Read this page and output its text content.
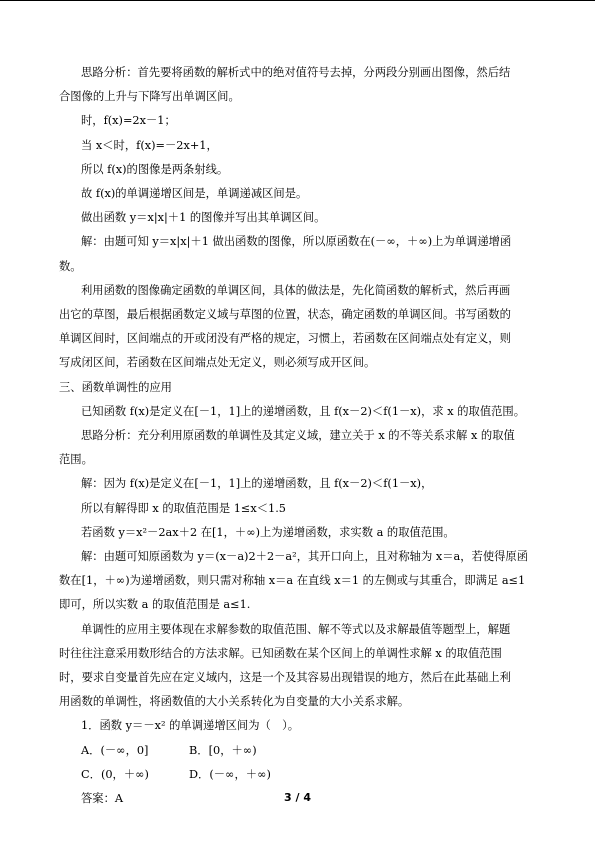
思路分析：首先要将函数的解析式中的绝对值符号去掉，分两段分别画出图像，然后结

合图像的上升与下降写出单调区间。

时，f(x)=2x－1；

当 x＜时，f(x)=－2x+1，

所以 f(x)的图像是两条射线。

故 f(x)的单调递增区间是，单调递减区间是。

做出函数 y＝x|x|＋1 的图像并写出其单调区间。

解：由题可知 y＝x|x|＋1 做出函数的图像，所以原函数在(－∞，＋∞)上为单调递增函

数。

利用函数的图像确定函数的单调区间，具体的做法是，先化简函数的解析式，然后再画

出它的草图，最后根据函数定义域与草图的位置，状态，确定函数的单调区间。书写函数的

单调区间时，区间端点的开或闭没有严格的规定，习惯上，若函数在区间端点处有定义，则

写成闭区间，若函数在区间端点处无定义，则必须写成开区间。

三、函数单调性的应用

已知函数 f(x)是定义在[－1，1]上的递增函数，且 f(x－2)＜f(1－x)，求 x 的取值范围。

思路分析：充分利用原函数的单调性及其定义域，建立关于 x 的不等关系求解 x 的取值

范围。

解：因为 f(x)是定义在[－1，1]上的递增函数，且 f(x－2)＜f(1－x)，

所以有解得即 x 的取值范围是 1≤x＜1.5

若函数 y＝x²－2ax＋2 在[1，＋∞)上为递增函数，求实数 a 的取值范围。

解：由题可知原函数为 y＝(x－a)2＋2－a²，其开口向上，且对称轴为 x＝a，若使得原函

数在[1，＋∞)为递增函数，则只需对称轴 x＝a 在直线 x＝1 的左侧或与其重合，即满足 a≤1

即可，所以实数 a 的取值范围是 a≤1.

单调性的应用主要体现在求解参数的取值范围、解不等式以及求解最值等题型上，解题

时往往注意采用数形结合的方法求解。已知函数在某个区间上的单调性求解 x 的取值范围

时，要求自变量首先应在定义域内，这是一个及其容易出现错误的地方，然后在此基础上利

用函数的单调性，将函数值的大小关系转化为自变量的大小关系求解。

1．函数 y＝－x² 的单调递增区间为（　）。

A．(－∞，0]	B．[0，＋∞)
C．(0，＋∞)	D．(－∞，＋∞)

答案：A	3 / 4
